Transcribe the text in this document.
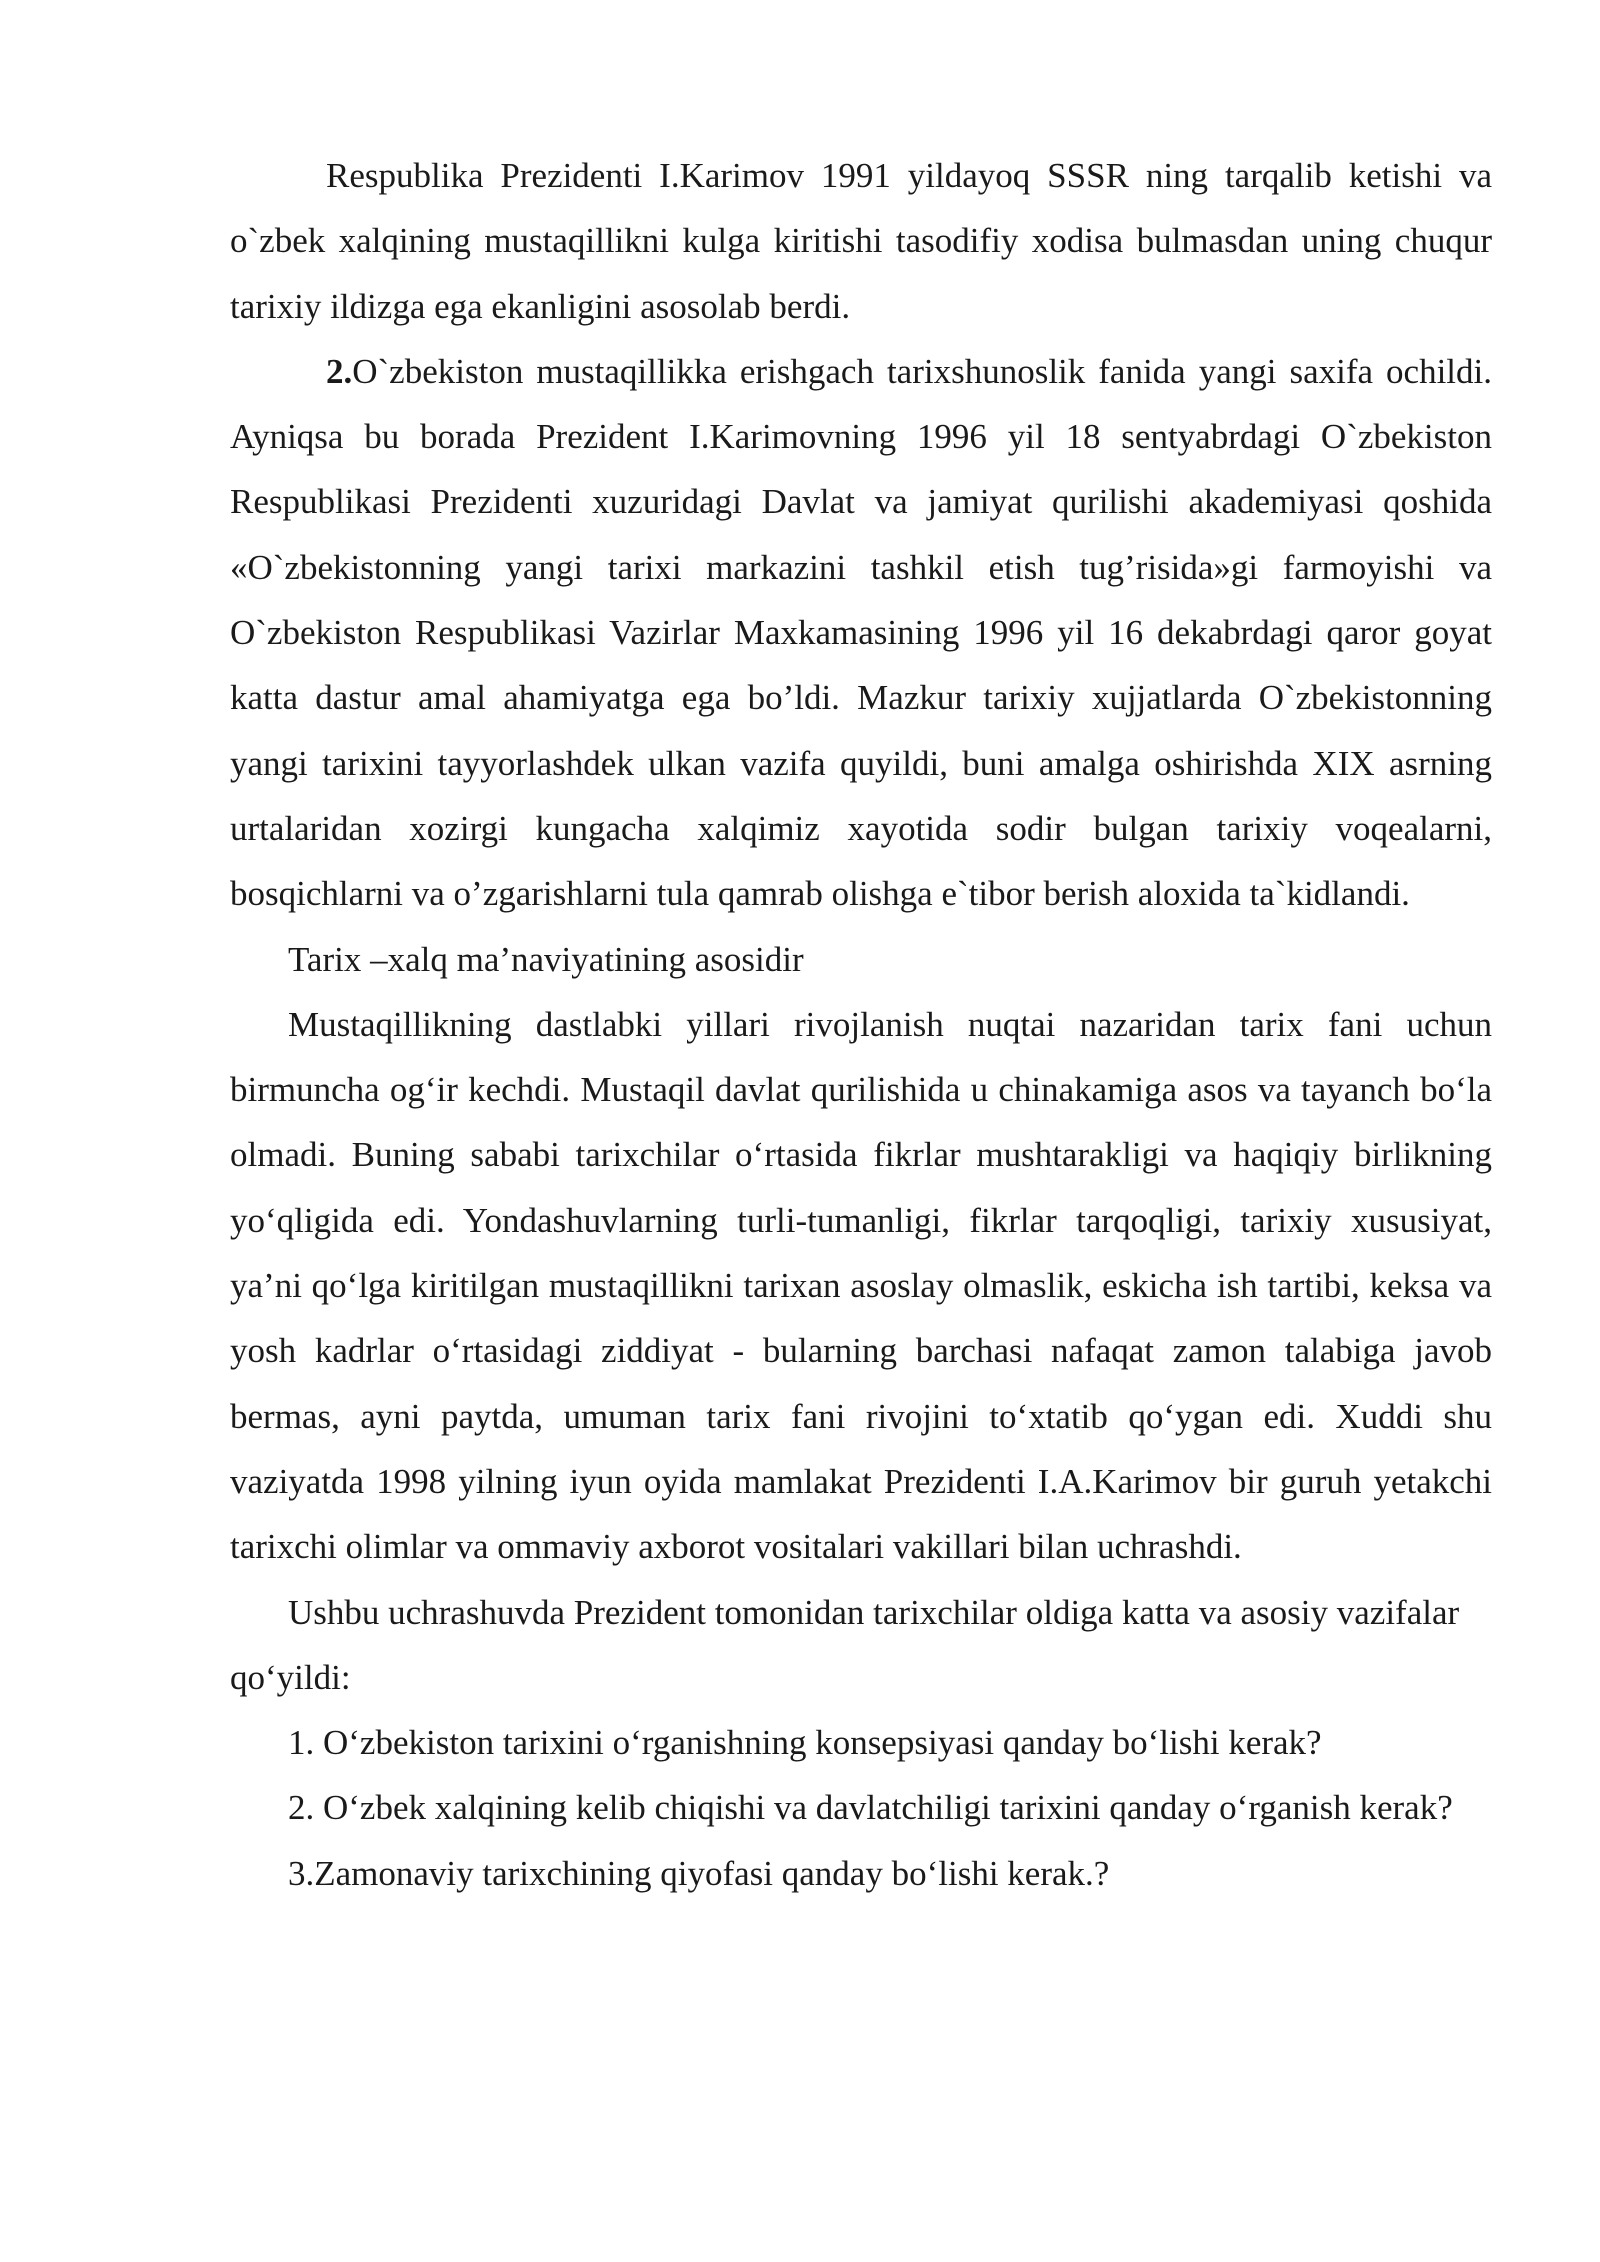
Respublika Prezidenti I.Karimov 1991 yildayoq SSSR ning tarqalib ketishi va o`zbek xalqining mustaqillikni kulga kiritishi tasodifiy xodisa bulmasdan uning chuqur tarixiy ildizga ega ekanligini asosolab berdi.

2.O`zbekiston mustaqillikka erishgach tarixshunoslik fanida yangi saxifa ochildi. Ayniqsa bu borada Prezident I.Karimovning 1996 yil 18 sentyabrdagi O`zbekiston Respublikasi Prezidenti xuzuridagi Davlat va jamiyat qurilishi akademiyasi qoshida «O`zbekistonning yangi tarixi markazini tashkil etish tug’risida»gi farmoyishi va O`zbekiston Respublikasi Vazirlar Maxkamasining 1996 yil 16 dekabrdagi qaror goyat katta dastur amal ahamiyatga ega bo’ldi. Mazkur tarixiy xujjatlarda O`zbekistonning yangi tarixini tayyorlashdek ulkan vazifa quyildi, buni amalga oshirishda XIX asrning urtalaridan xozirgi kungacha xalqimiz xayotida sodir bulgan tarixiy voqealarni, bosqichlarni va o’zgarishlarni tula qamrab olishga e`tibor berish aloxida ta`kidlandi.

Tarix –xalq ma’naviyatining asosidir

Mustaqillikning dastlabki yillari rivojlanish nuqtai nazaridan tarix fani uchun birmuncha og‘ir kechdi. Mustaqil davlat qurilishida u chinakamiga asos va tayanch bo‘la olmadi. Buning sababi tarixchilar o‘rtasida fikrlar mushtarakligi va haqiqiy birlikning yo‘qligida edi. Yondashuvlarning turli-tumanligi, fikrlar tarqoqligi, tarixiy xususiyat, ya’ni qo‘lga kiritilgan mustaqillikni tarixan asoslay olmaslik, eskicha ish tartibi, keksa va yosh kadrlar o‘rtasidagi ziddiyat - bularning barchasi nafaqat zamon talabiga javob bermas, ayni paytda, umuman tarix fani rivojini to‘xtatib qo‘ygan edi. Xuddi shu vaziyatda 1998 yilning iyun oyida mamlakat Prezidenti I.A.Karimov bir guruh yetakchi tarixchi olimlar va ommaviy axborot vositalari vakillari bilan uchrashdi.

Ushbu uchrashuvda Prezident tomonidan tarixchilar oldiga katta va asosiy vazifalar qo‘yildi:

1. O‘zbekiston tarixini o‘rganishning konsepsiyasi qanday bo‘lishi kerak?

2. O‘zbek xalqining kelib chiqishi va davlatchiligi tarixini qanday o‘rganish kerak?

3.Zamonaviy tarixchining qiyofasi qanday bo‘lishi kerak.?
